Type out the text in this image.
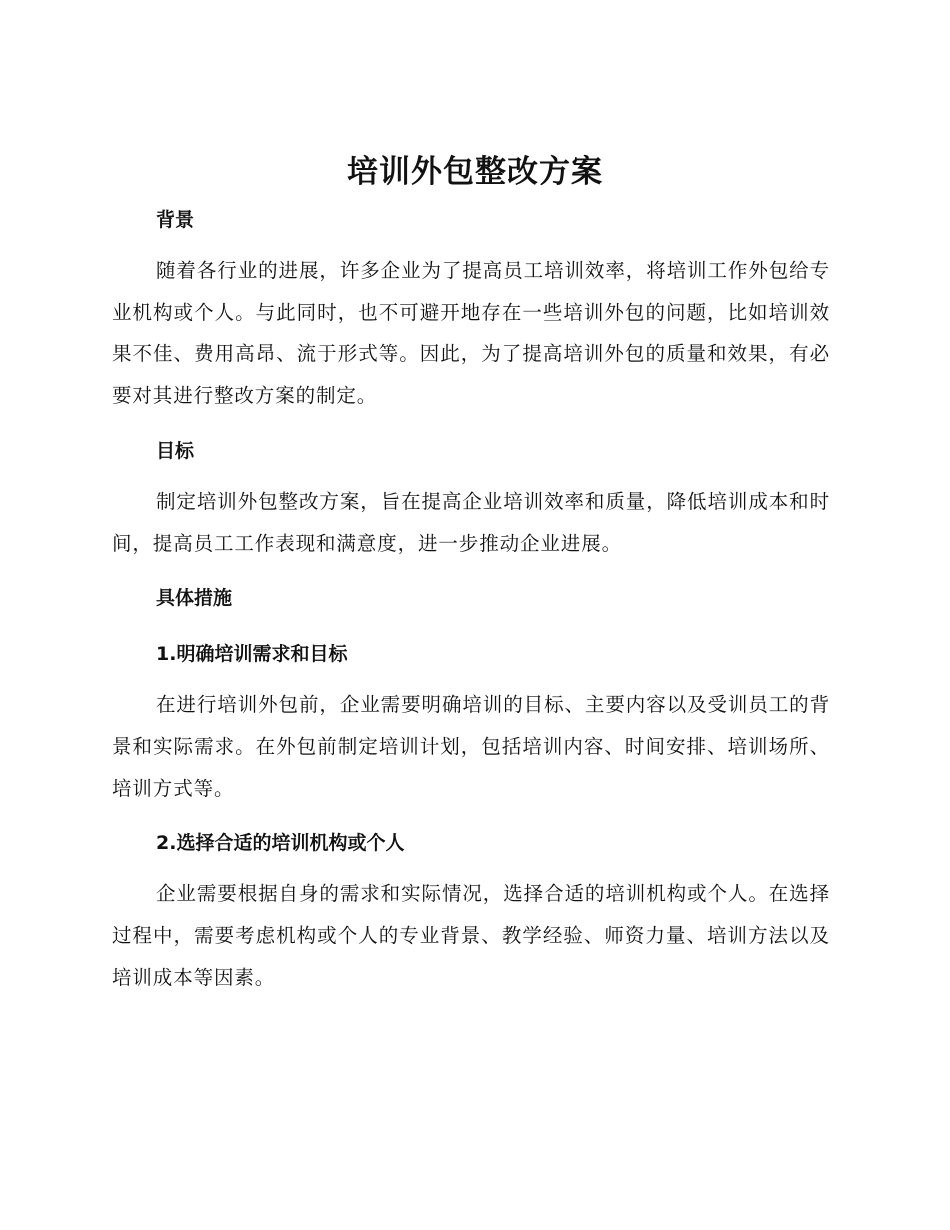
培训外包整改方案
背景

随着各行业的进展，许多企业为了提高员工培训效率，将培训工作外包给专业机构或个人。与此同时，也不可避开地存在一些培训外包的问题，比如培训效果不佳、费用高昂、流于形式等。因此，为了提高培训外包的质量和效果，有必要对其进行整改方案的制定。

目标

制定培训外包整改方案，旨在提高企业培训效率和质量，降低培训成本和时间，提高员工工作表现和满意度，进一步推动企业进展。

具体措施
1.明确培训需求和目标

在进行培训外包前，企业需要明确培训的目标、主要内容以及受训员工的背景和实际需求。在外包前制定培训计划，包括培训内容、时间安排、培训场所、培训方式等。

2.选择合适的培训机构或个人

企业需要根据自身的需求和实际情况，选择合适的培训机构或个人。在选择过程中，需要考虑机构或个人的专业背景、教学经验、师资力量、培训方法以及培训成本等因素。
